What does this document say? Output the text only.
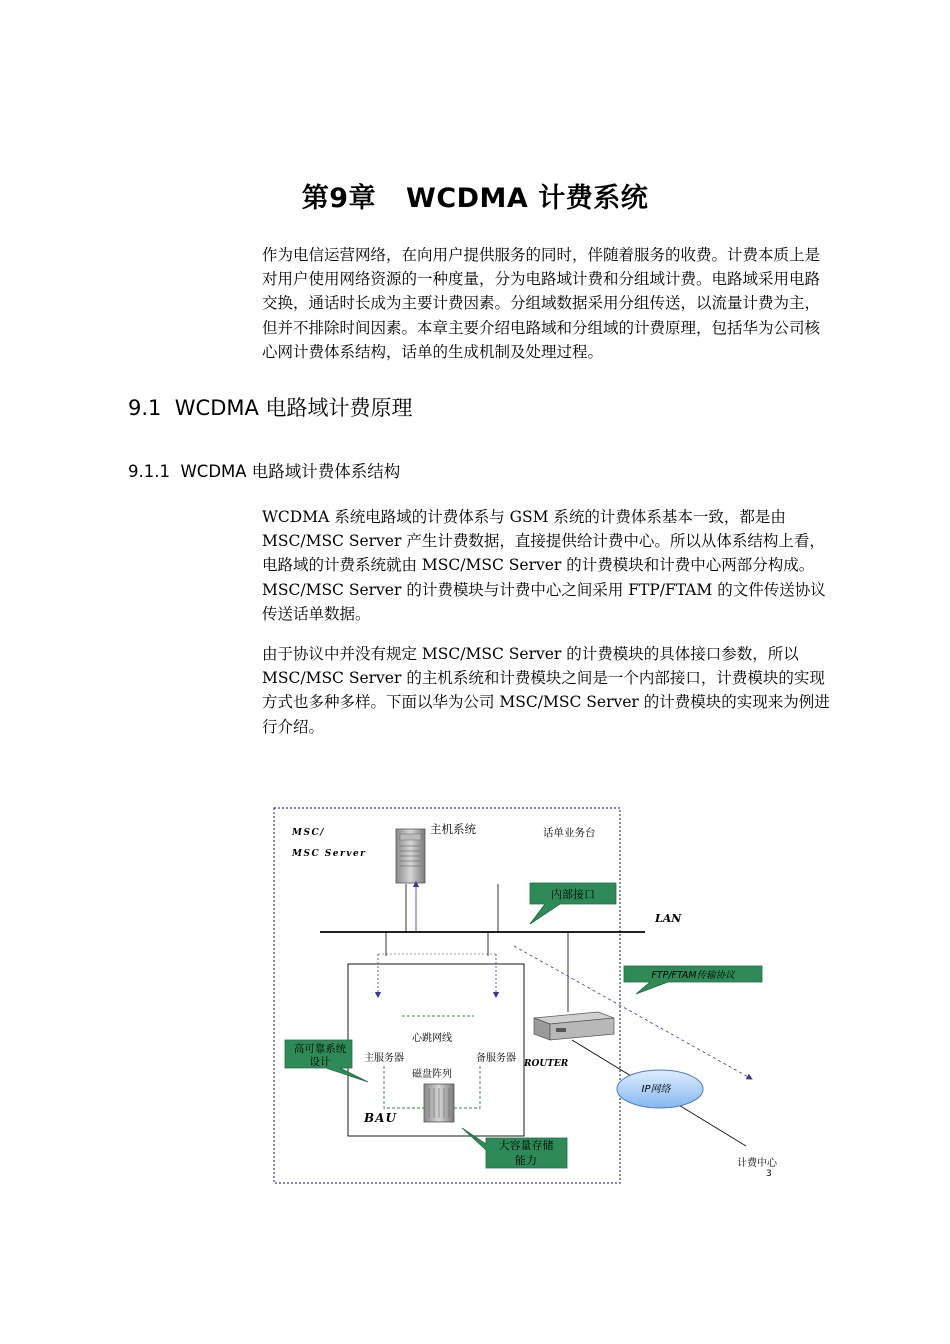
第9章 WCDMA 计费系统
作为电信运营网络，在向用户提供服务的同时，伴随着服务的收费。计费本质上是对用户使用网络资源的一种度量，分为电路域计费和分组域计费。电路域采用电路交换，通话时长成为主要计费因素。分组域数据采用分组传送，以流量计费为主，但并不排除时间因素。本章主要介绍电路域和分组域的计费原理，包括华为公司核心网计费体系结构，话单的生成机制及处理过程。
9.1 WCDMA 电路域计费原理
9.1.1 WCDMA 电路域计费体系结构
WCDMA 系统电路域的计费体系与 GSM 系统的计费体系基本一致，都是由 MSC/MSC Server 产生计费数据，直接提供给计费中心。所以从体系结构上看，电路域的计费系统就由 MSC/MSC Server 的计费模块和计费中心两部分构成。MSC/MSC Server 的计费模块与计费中心之间采用 FTP/FTAM 的文件传送协议传送话单数据。
由于协议中并没有规定 MSC/MSC Server 的计费模块的具体接口参数，所以 MSC/MSC Server 的主机系统和计费模块之间是一个内部接口，计费模块的实现方式也多种多样。下面以华为公司 MSC/MSC Server 的计费模块的实现来为例进行介绍。
MSC/
MSC Server
主机系统	话单业务台
LAN
内部接口
心跳网线
主服务器	备服务器
磁盘阵列
BAU
高可靠系统
设计
大容量存储
能力
ROUTER
FTP/FTAM传输协议
IP网络
计费中心
3
